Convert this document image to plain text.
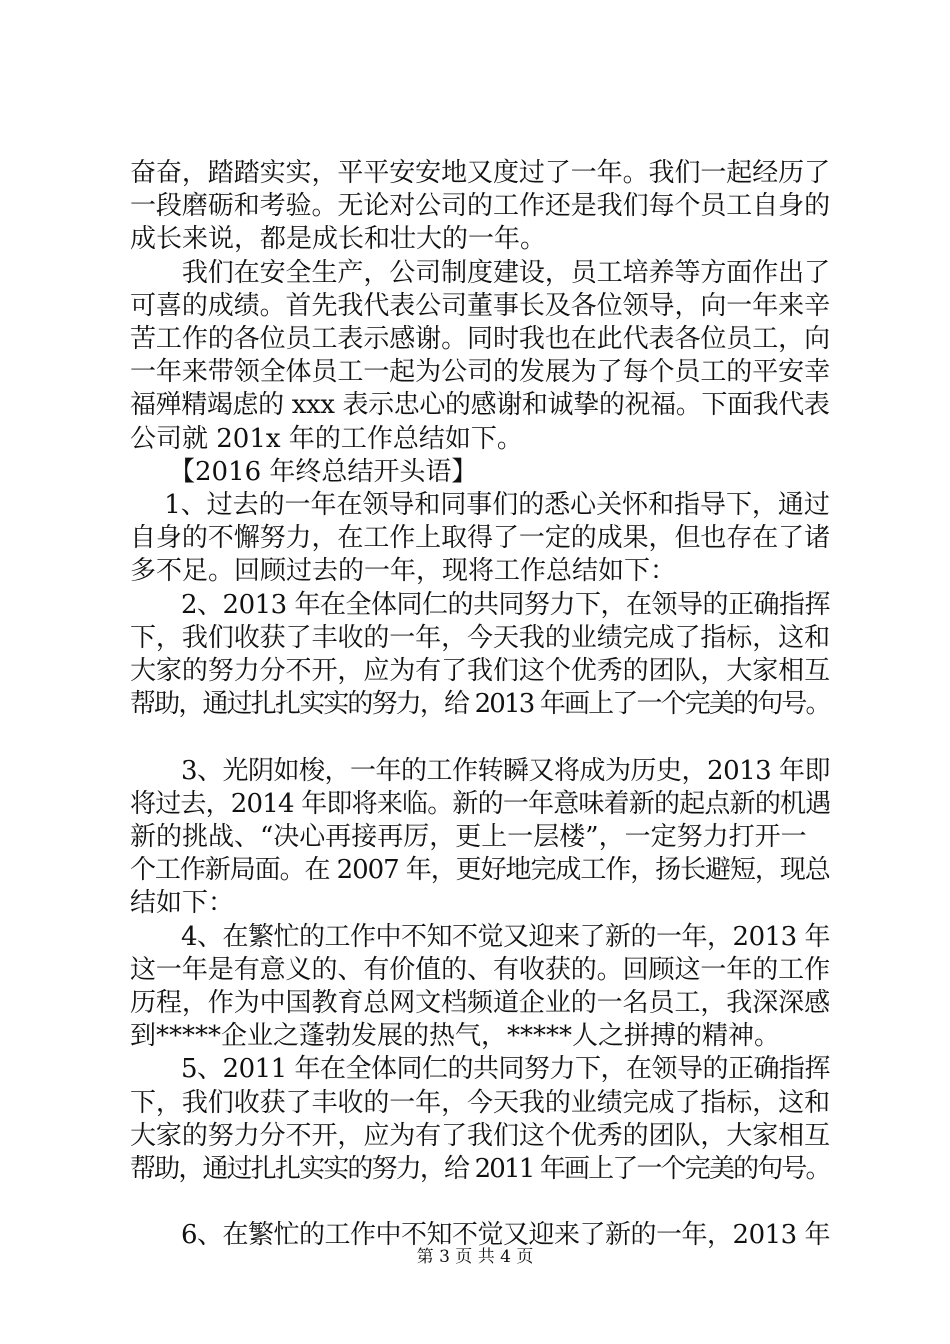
奋奋，踏踏实实，平平安安地又度过了一年。我们一起经历了
一段磨砺和考验。无论对公司的工作还是我们每个员工自身的
成长来说，都是成长和壮大的一年。
　　我们在安全生产，公司制度建设，员工培养等方面作出了
可喜的成绩。首先我代表公司董事长及各位领导，向一年来辛
苦工作的各位员工表示感谢。同时我也在此代表各位员工，向
一年来带领全体员工一起为公司的发展为了每个员工的平安幸
福殚精竭虑的 xxx 表示忠心的感谢和诚挚的祝福。下面我代表
公司就 201x 年的工作总结如下。
　　【2016 年终总结开头语】
　 1、过去的一年在领导和同事们的悉心关怀和指导下，通过
自身的不懈努力，在工作上取得了一定的成果，但也存在了诸
多不足。回顾过去的一年，现将工作总结如下：
　　2、2013 年在全体同仁的共同努力下，在领导的正确指挥
下，我们收获了丰收的一年，今天我的业绩完成了指标，这和
大家的努力分不开，应为有了我们这个优秀的团队，大家相互
帮助，通过扎扎实实的努力，给 2013 年画上了一个完美的句号。
　　3、光阴如梭，一年的工作转瞬又将成为历史，2013 年即
将过去，2014 年即将来临。新的一年意味着新的起点新的机遇
新的挑战、“决心再接再厉，更上一层楼”，一定努力打开一
个工作新局面。在 2007 年，更好地完成工作，扬长避短，现总
结如下：
　　4、在繁忙的工作中不知不觉又迎来了新的一年，2013 年
这一年是有意义的、有价值的、有收获的。回顾这一年的工作
历程，作为中国教育总网文档频道企业的一名员工，我深深感
到*****企业之蓬勃发展的热气，*****人之拼搏的精神。
　　5、2011 年在全体同仁的共同努力下，在领导的正确指挥
下，我们收获了丰收的一年，今天我的业绩完成了指标，这和
大家的努力分不开，应为有了我们这个优秀的团队，大家相互
帮助，通过扎扎实实的努力，给 2011 年画上了一个完美的句号。
　　6、在繁忙的工作中不知不觉又迎来了新的一年，2013 年
第 3 页 共 4 页
